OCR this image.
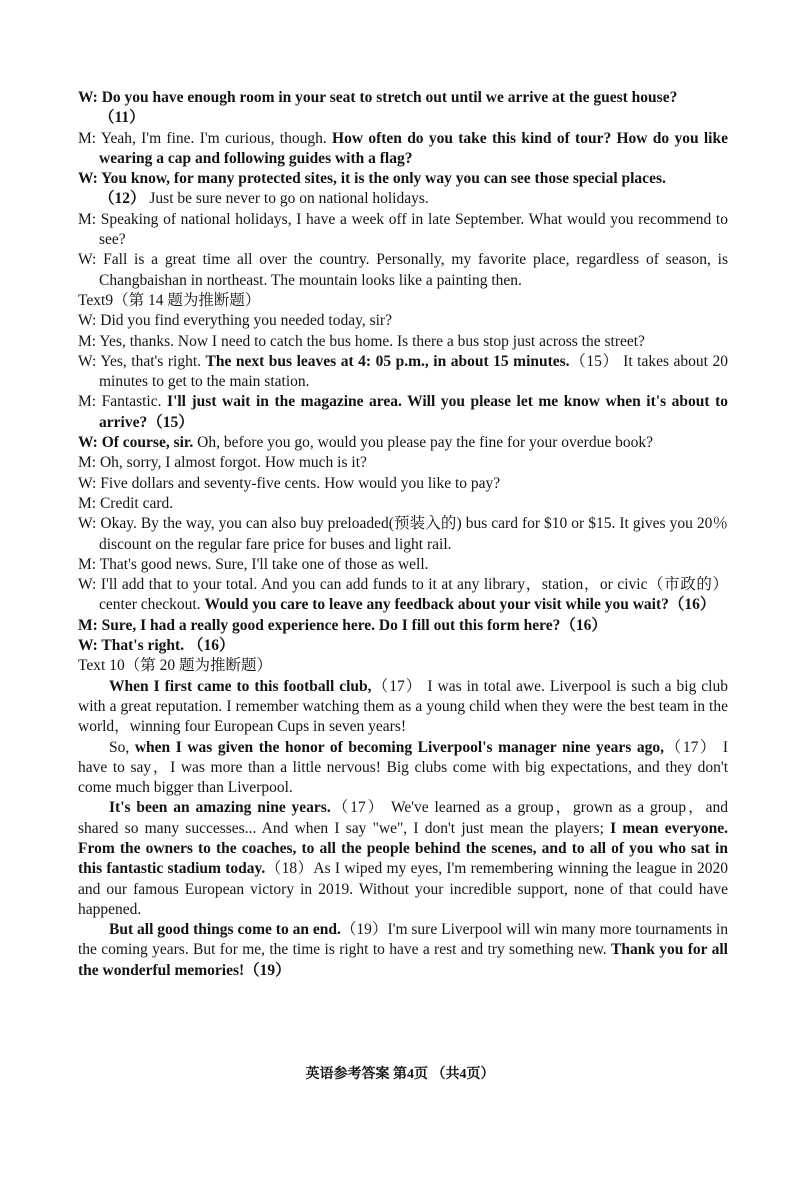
W: Do you have enough room in your seat to stretch out until we arrive at the guest house?
（11）

M: Yeah, I'm fine. I'm curious, though. How often do you take this kind of tour? How do you like wearing a cap and following guides with a flag?

W: You know, for many protected sites, it is the only way you can see those special places.
（12） Just be sure never to go on national holidays.

M: Speaking of national holidays, I have a week off in late September. What would you recommend to see?

W: Fall is a great time all over the country. Personally, my favorite place, regardless of season, is Changbaishan in northeast. The mountain looks like a painting then.

Text9（第 14 题为推断题）

W: Did you find everything you needed today, sir?

M: Yes, thanks. Now I need to catch the bus home. Is there a bus stop just across the street?

W: Yes, that's right. The next bus leaves at 4: 05 p.m., in about 15 minutes.（15） It takes about 20 minutes to get to the main station.

M: Fantastic. I'll just wait in the magazine area. Will you please let me know when it's about to arrive?（15）

W: Of course, sir. Oh, before you go, would you please pay the fine for your overdue book?

M: Oh, sorry, I almost forgot. How much is it?

W: Five dollars and seventy-five cents. How would you like to pay?

M: Credit card.

W: Okay. By the way, you can also buy preloaded(预装入的) bus card for $10 or $15. It gives you 20％ discount on the regular fare price for buses and light rail.

M: That's good news. Sure, I'll take one of those as well.

W: I'll add that to your total. And you can add funds to it at any library，station，or civic（市政的） center checkout. Would you care to leave any feedback about your visit while you wait?（16）

M: Sure, I had a really good experience here. Do I fill out this form here?（16）

W: That's right. （16）

Text 10（第 20 题为推断题）

When I first came to this football club,（17） I was in total awe. Liverpool is such a big club with a great reputation. I remember watching them as a young child when they were the best team in the world，winning four European Cups in seven years!

So, when I was given the honor of becoming Liverpool's manager nine years ago,（17） I have to say，I was more than a little nervous! Big clubs come with big expectations, and they don't come much bigger than Liverpool.

It's been an amazing nine years.（17） We've learned as a group，grown as a group，and shared so many successes... And when I say "we", I don't just mean the players; I mean everyone. From the owners to the coaches, to all the people behind the scenes, and to all of you who sat in this fantastic stadium today.（18）As I wiped my eyes, I'm remembering winning the league in 2020 and our famous European victory in 2019. Without your incredible support, none of that could have happened.

But all good things come to an end.（19）I'm sure Liverpool will win many more tournaments in the coming years. But for me, the time is right to have a rest and try something new. Thank you for all the wonderful memories!（19）

英语参考答案 第4页 （共4页）
